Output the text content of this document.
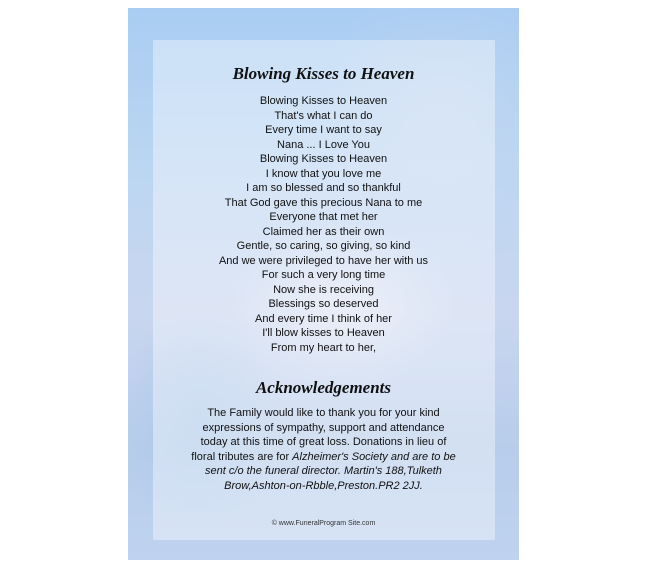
Blowing Kisses to Heaven
Blowing Kisses to Heaven
That's what I can do
Every time I want to say
Nana ... I Love You
Blowing Kisses to Heaven
I know that you love me
I am so blessed and so thankful
That God gave this precious Nana to me
Everyone that met her
Claimed her as their own
Gentle, so caring, so giving, so kind
And we were privileged to have her with us
For such a very long time
Now she is receiving
Blessings so deserved
And every time I think of her
I'll blow kisses to Heaven
From my heart to her,
Acknowledgements
The Family would like to thank you for your kind expressions of sympathy, support and attendance today at this time of great loss. Donations in lieu of floral tributes are for Alzheimer's Society and are to be sent c/o the funeral director. Martin's 188,Tulketh Brow,Ashton-on-Rbble,Preston.PR2 2JJ.
© www.FuneralProgram Site.com
